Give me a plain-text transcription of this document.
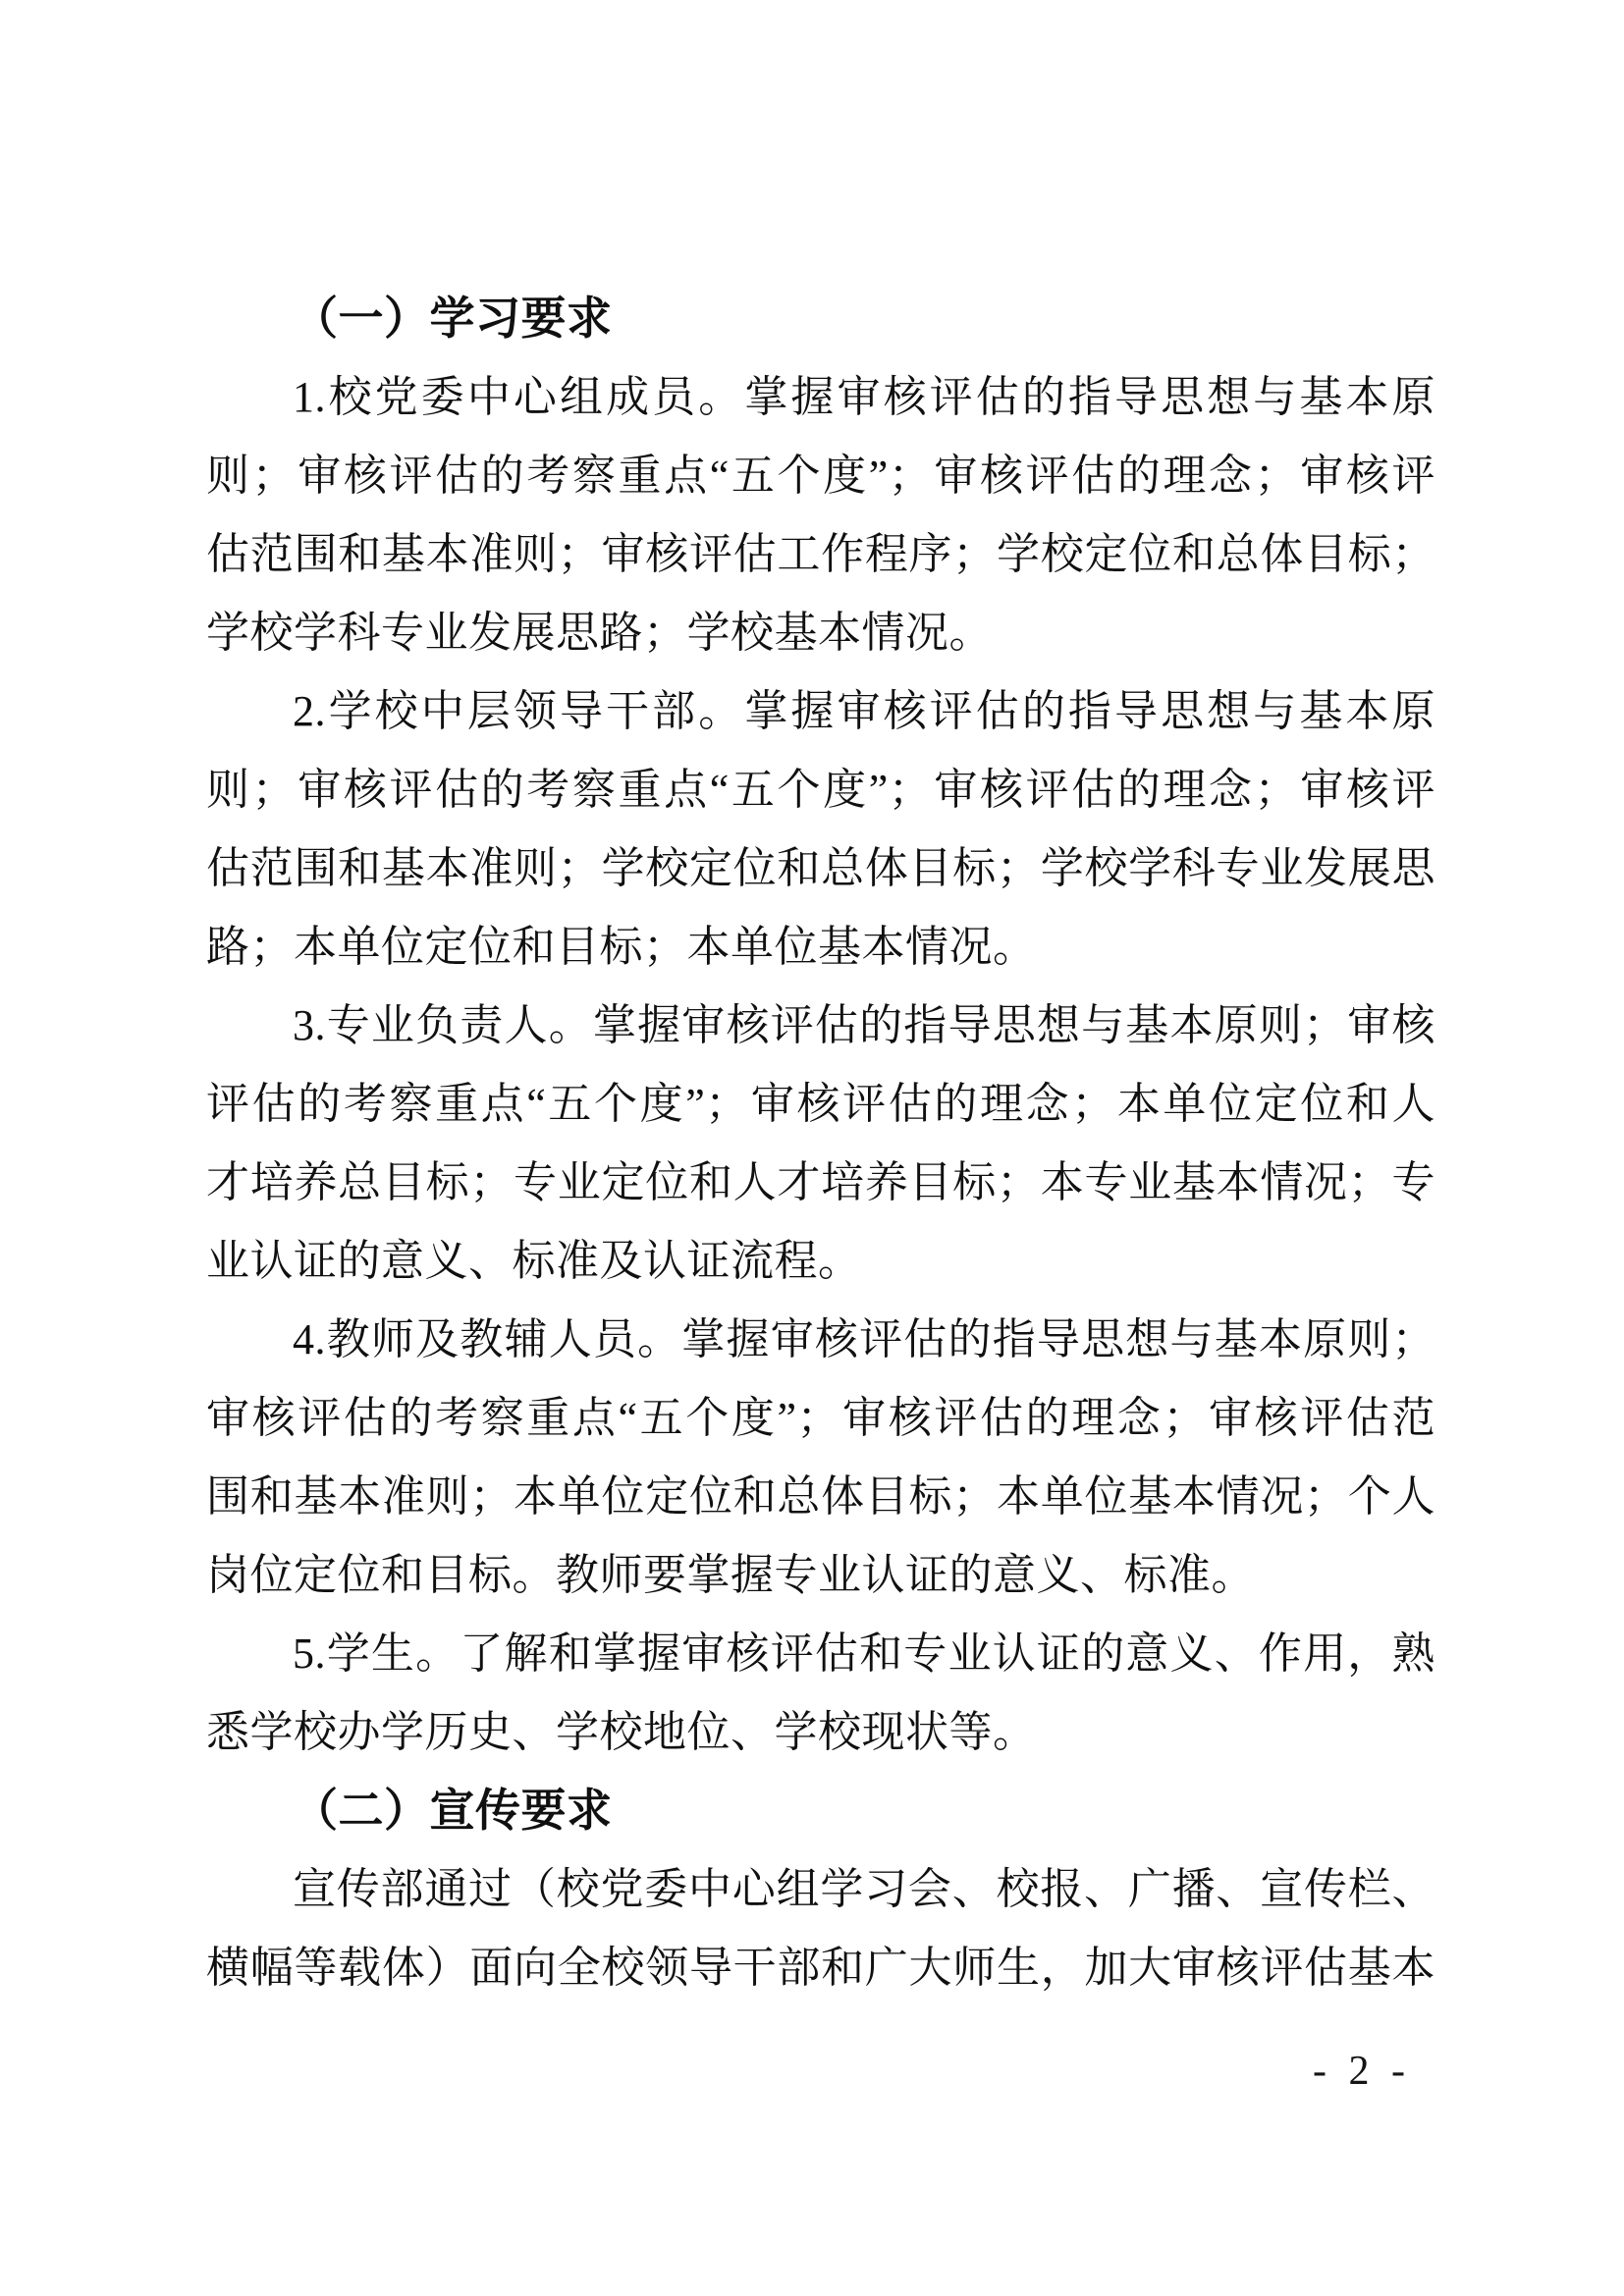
（一）学习要求
1.校党委中心组成员。掌握审核评估的指导思想与基本原
则；审核评估的考察重点“五个度”；审核评估的理念；审核评
估范围和基本准则；审核评估工作程序；学校定位和总体目标；
学校学科专业发展思路；学校基本情况。
2.学校中层领导干部。掌握审核评估的指导思想与基本原
则；审核评估的考察重点“五个度”；审核评估的理念；审核评
估范围和基本准则；学校定位和总体目标；学校学科专业发展思
路；本单位定位和目标；本单位基本情况。
3.专业负责人。掌握审核评估的指导思想与基本原则；审核
评估的考察重点“五个度”；审核评估的理念；本单位定位和人
才培养总目标；专业定位和人才培养目标；本专业基本情况；专
业认证的意义、标准及认证流程。
4.教师及教辅人员。掌握审核评估的指导思想与基本原则；
审核评估的考察重点“五个度”；审核评估的理念；审核评估范
围和基本准则；本单位定位和总体目标；本单位基本情况；个人
岗位定位和目标。教师要掌握专业认证的意义、标准。
5.学生。了解和掌握审核评估和专业认证的意义、作用，熟
悉学校办学历史、学校地位、学校现状等。
（二）宣传要求
宣传部通过（校党委中心组学习会、校报、广播、宣传栏、
横幅等载体）面向全校领导干部和广大师生，加大审核评估基本
- 2 -
